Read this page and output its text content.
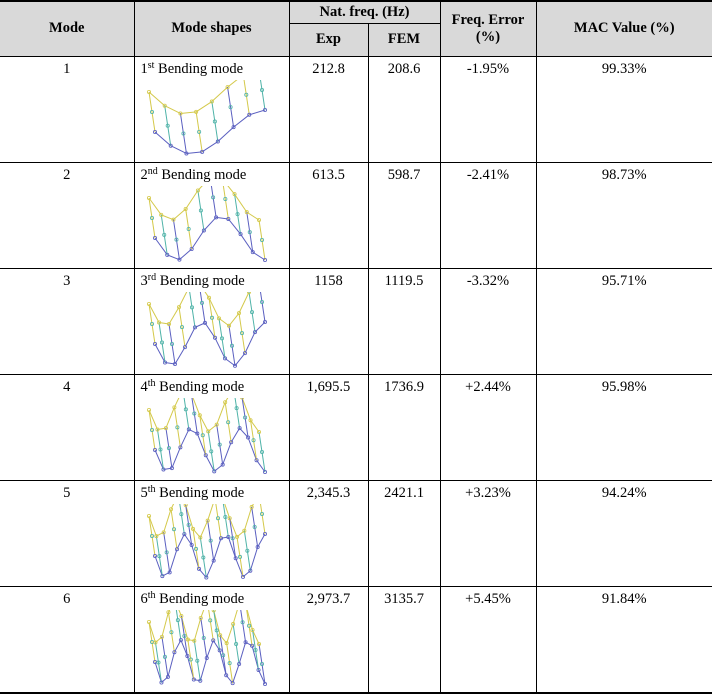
Mode	Mode shapes	Nat. freq. (Hz)		Freq. Error (%)	MAC Value (%)
		Exp	FEM		
1	1st Bending mode	212.8	208.6	-1.95%	99.33%
2	2nd Bending mode	613.5	598.7	-2.41%	98.73%
3	3rd Bending mode	1158	1119.5	-3.32%	95.71%
4	4th Bending mode	1,695.5	1736.9	+2.44%	95.98%
5	5th Bending mode	2,345.3	2421.1	+3.23%	94.24%
6	6th Bending mode	2,973.7	3135.7	+5.45%	91.84%
